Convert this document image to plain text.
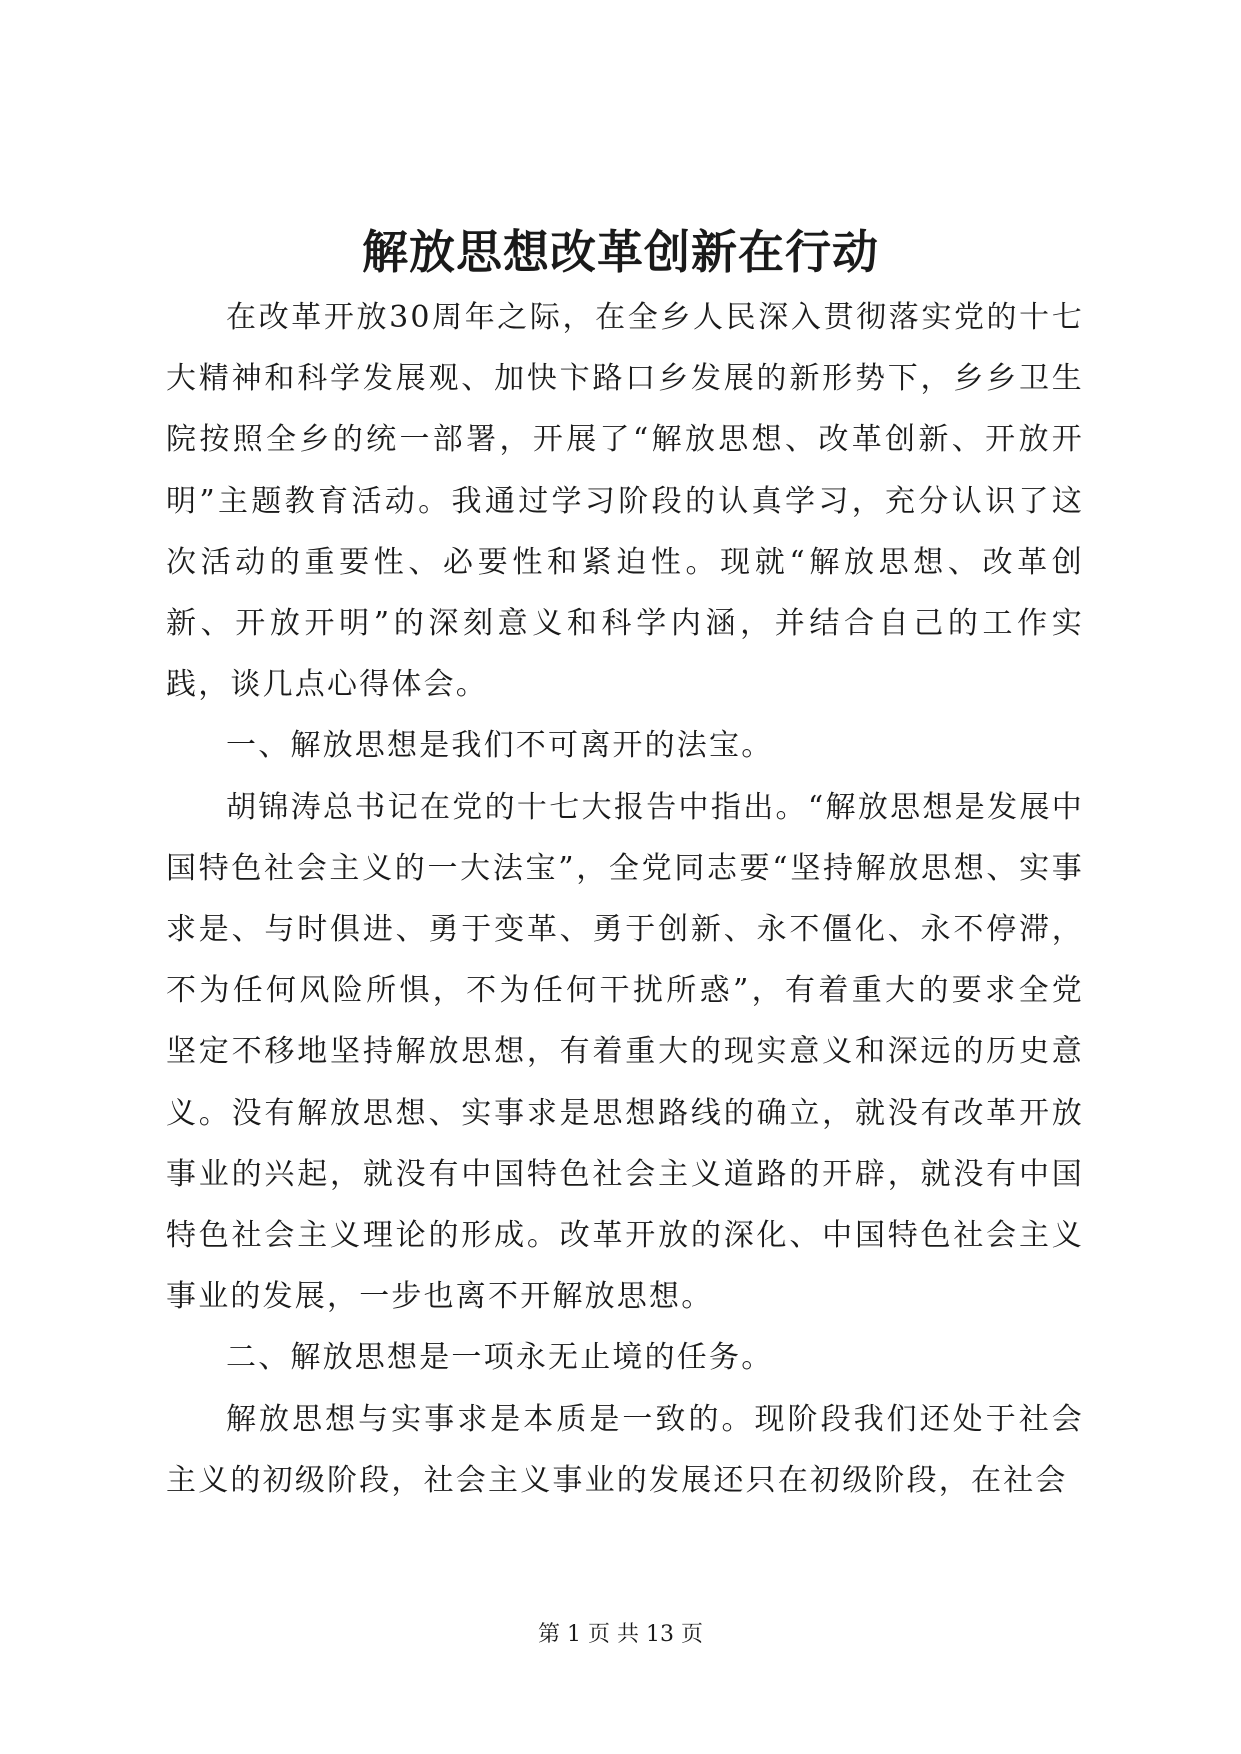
解放思想改革创新在行动

在改革开放30周年之际，在全乡人民深入贯彻落实党的十七大精神和科学发展观、加快卞路口乡发展的新形势下，乡乡卫生院按照全乡的统一部署，开展了“解放思想、改革创新、开放开明”主题教育活动。我通过学习阶段的认真学习，充分认识了这次活动的重要性、必要性和紧迫性。现就“解放思想、改革创新、开放开明”的深刻意义和科学内涵，并结合自己的工作实践，谈几点心得体会。

一、解放思想是我们不可离开的法宝。

胡锦涛总书记在党的十七大报告中指出。“解放思想是发展中国特色社会主义的一大法宝”，全党同志要“坚持解放思想、实事求是、与时俱进、勇于变革、勇于创新、永不僵化、永不停滞，不为任何风险所惧，不为任何干扰所惑”，有着重大的要求全党坚定不移地坚持解放思想，有着重大的现实意义和深远的历史意义。没有解放思想、实事求是思想路线的确立，就没有改革开放事业的兴起，就没有中国特色社会主义道路的开辟，就没有中国特色社会主义理论的形成。改革开放的深化、中国特色社会主义事业的发展，一步也离不开解放思想。

二、解放思想是一项永无止境的任务。

解放思想与实事求是本质是一致的。现阶段我们还处于社会主义的初级阶段，社会主义事业的发展还只在初级阶段，在社会

第 1 页 共 13 页
